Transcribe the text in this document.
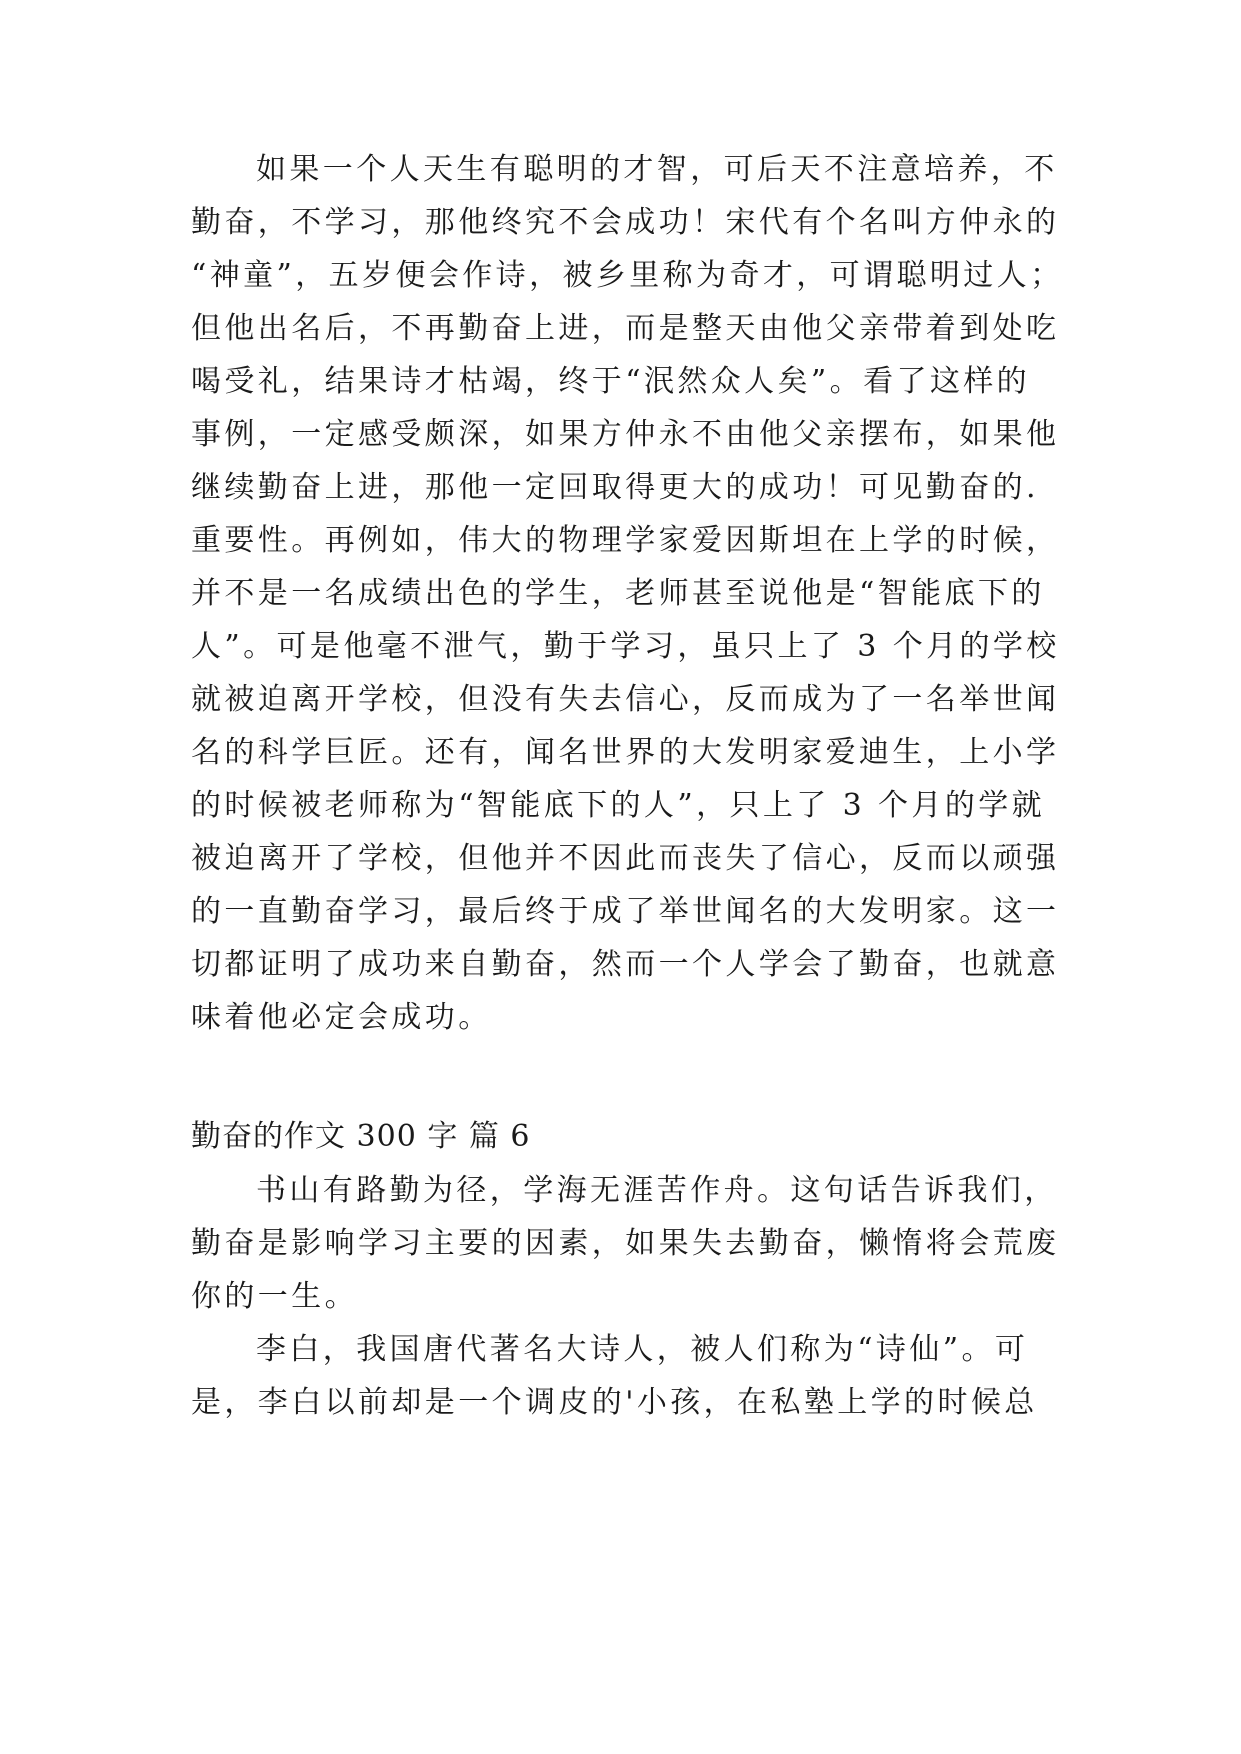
如果一个人天生有聪明的才智，可后天不注意培养，不
勤奋，不学习，那他终究不会成功！宋代有个名叫方仲永的
“神童”，五岁便会作诗，被乡里称为奇才，可谓聪明过人；
但他出名后，不再勤奋上进，而是整天由他父亲带着到处吃
喝受礼，结果诗才枯竭，终于“泯然众人矣”。看了这样的
事例，一定感受颇深，如果方仲永不由他父亲摆布，如果他
继续勤奋上进，那他一定回取得更大的成功！可见勤奋的.
重要性。再例如，伟大的物理学家爱因斯坦在上学的时候，
并不是一名成绩出色的学生，老师甚至说他是“智能底下的
人”。可是他毫不泄气，勤于学习，虽只上了 3 个月的学校
就被迫离开学校，但没有失去信心，反而成为了一名举世闻
名的科学巨匠。还有，闻名世界的大发明家爱迪生，上小学
的时候被老师称为“智能底下的人”，只上了 3 个月的学就
被迫离开了学校，但他并不因此而丧失了信心，反而以顽强
的一直勤奋学习，最后终于成了举世闻名的大发明家。这一
切都证明了成功来自勤奋，然而一个人学会了勤奋，也就意
味着他必定会成功。
勤奋的作文 300 字 篇 6
书山有路勤为径，学海无涯苦作舟。这句话告诉我们，
勤奋是影响学习主要的因素，如果失去勤奋，懒惰将会荒废
你的一生。
李白，我国唐代著名大诗人，被人们称为“诗仙”。可
是，李白以前却是一个调皮的'小孩，在私塾上学的时候总
